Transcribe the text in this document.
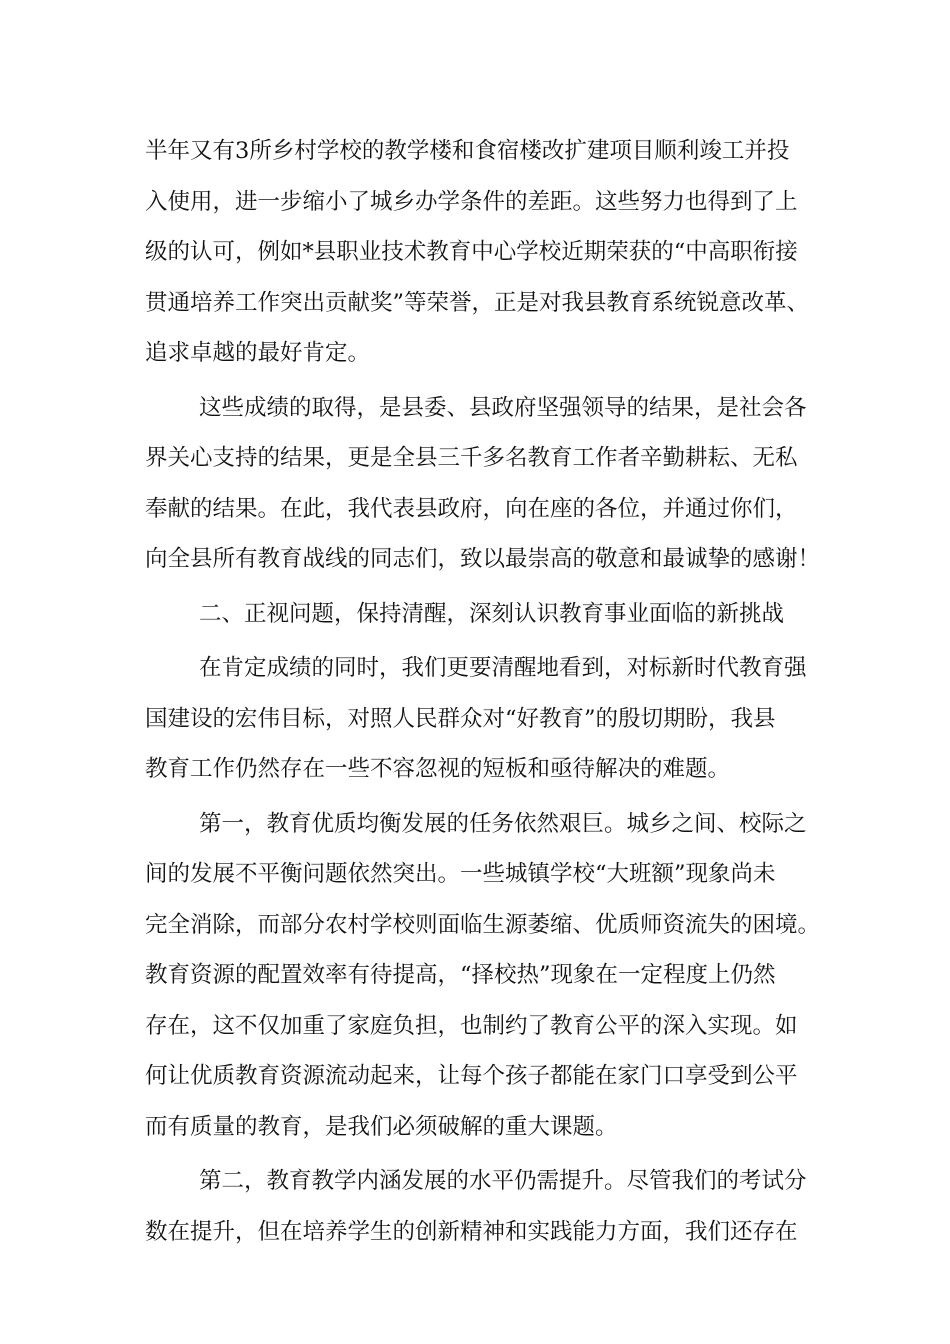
半年又有3所乡村学校的教学楼和食宿楼改扩建项目顺利竣工并投
入使用，进一步缩小了城乡办学条件的差距。这些努力也得到了上
级的认可，例如*县职业技术教育中心学校近期荣获的“中高职衔接
贯通培养工作突出贡献奖”等荣誉，正是对我县教育系统锐意改革、
追求卓越的最好肯定。
这些成绩的取得，是县委、县政府坚强领导的结果，是社会各
界关心支持的结果，更是全县三千多名教育工作者辛勤耕耘、无私
奉献的结果。在此，我代表县政府，向在座的各位，并通过你们，
向全县所有教育战线的同志们，致以最崇高的敬意和最诚挚的感谢！
二、正视问题，保持清醒，深刻认识教育事业面临的新挑战
在肯定成绩的同时，我们更要清醒地看到，对标新时代教育强
国建设的宏伟目标，对照人民群众对“好教育”的殷切期盼，我县
教育工作仍然存在一些不容忽视的短板和亟待解决的难题。
第一，教育优质均衡发展的任务依然艰巨。城乡之间、校际之
间的发展不平衡问题依然突出。一些城镇学校“大班额”现象尚未
完全消除，而部分农村学校则面临生源萎缩、优质师资流失的困境。
教育资源的配置效率有待提高，“择校热”现象在一定程度上仍然
存在，这不仅加重了家庭负担，也制约了教育公平的深入实现。如
何让优质教育资源流动起来，让每个孩子都能在家门口享受到公平
而有质量的教育，是我们必须破解的重大课题。
第二，教育教学内涵发展的水平仍需提升。尽管我们的考试分
数在提升，但在培养学生的创新精神和实践能力方面，我们还存在
